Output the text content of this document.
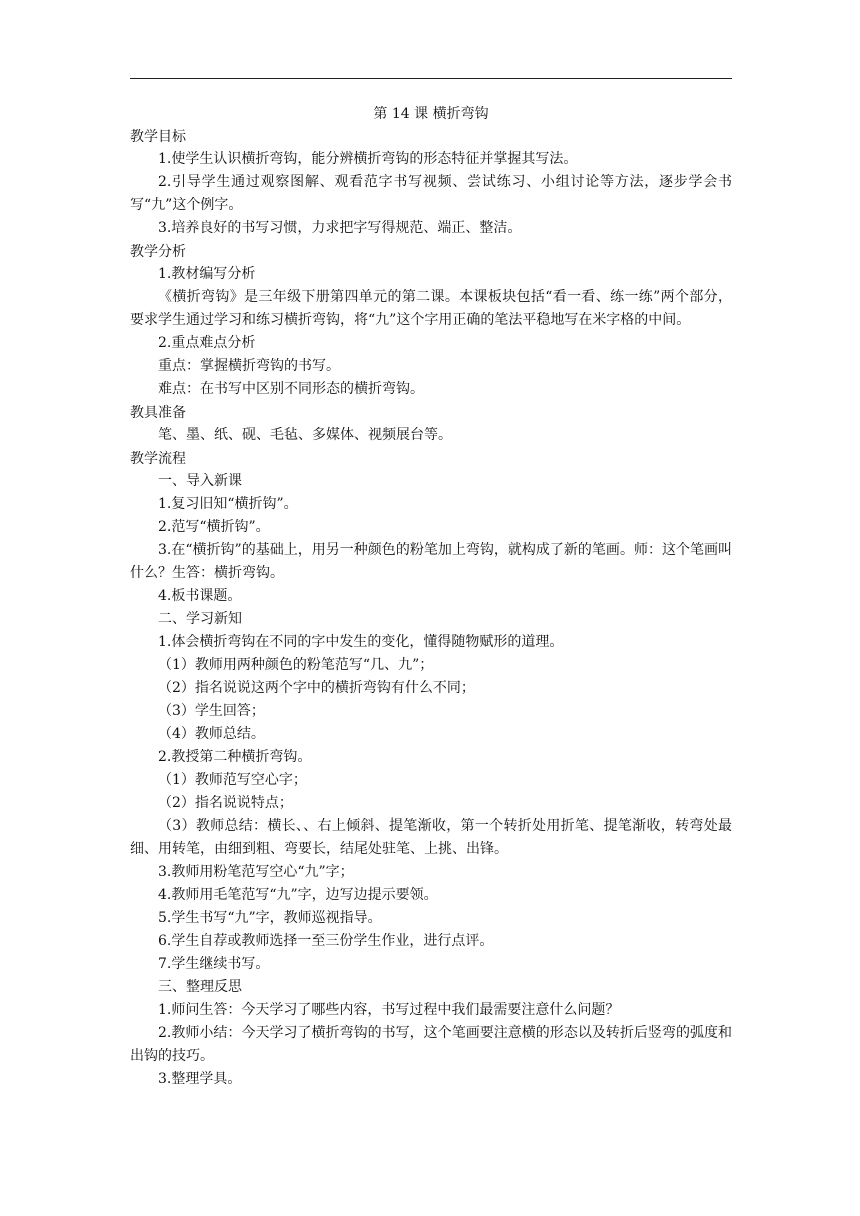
第 14 课 横折弯钩

教学目标

1.使学生认识横折弯钩，能分辨横折弯钩的形态特征并掌握其写法。

2.引导学生通过观察图解、观看范字书写视频、尝试练习、小组讨论等方法，逐步学会书写“九”这个例字。

3.培养良好的书写习惯，力求把字写得规范、端正、整洁。

教学分析

1.教材编写分析

《横折弯钩》是三年级下册第四单元的第二课。本课板块包括“看一看、练一练”两个部分，要求学生通过学习和练习横折弯钩，将“九”这个字用正确的笔法平稳地写在米字格的中间。

2.重点难点分析

重点：掌握横折弯钩的书写。

难点：在书写中区别不同形态的横折弯钩。

教具准备

笔、墨、纸、砚、毛毡、多媒体、视频展台等。

教学流程

一、导入新课

1.复习旧知“横折钩”。

2.范写“横折钩”。

3.在“横折钩”的基础上，用另一种颜色的粉笔加上弯钩，就构成了新的笔画。师：这个笔画叫什么？生答：横折弯钩。

4.板书课题。

二、学习新知

1.体会横折弯钩在不同的字中发生的变化，懂得随物赋形的道理。

（1）教师用两种颜色的粉笔范写“几、九”；

（2）指名说说这两个字中的横折弯钩有什么不同；

（3）学生回答；

（4）教师总结。

2.教授第二种横折弯钩。

（1）教师范写空心字；

（2）指名说说特点；

（3）教师总结：横长、、右上倾斜、提笔渐收，第一个转折处用折笔、提笔渐收，转弯处最细、用转笔，由细到粗、弯要长，结尾处驻笔、上挑、出锋。

3.教师用粉笔范写空心“九”字；

4.教师用毛笔范写“九”字，边写边提示要领。

5.学生书写“九”字，教师巡视指导。

6.学生自荐或教师选择一至三份学生作业，进行点评。

7.学生继续书写。

三、整理反思

1.师问生答：今天学习了哪些内容，书写过程中我们最需要注意什么问题？

2.教师小结：今天学习了横折弯钩的书写，这个笔画要注意横的形态以及转折后竖弯的弧度和出钩的技巧。

3.整理学具。
